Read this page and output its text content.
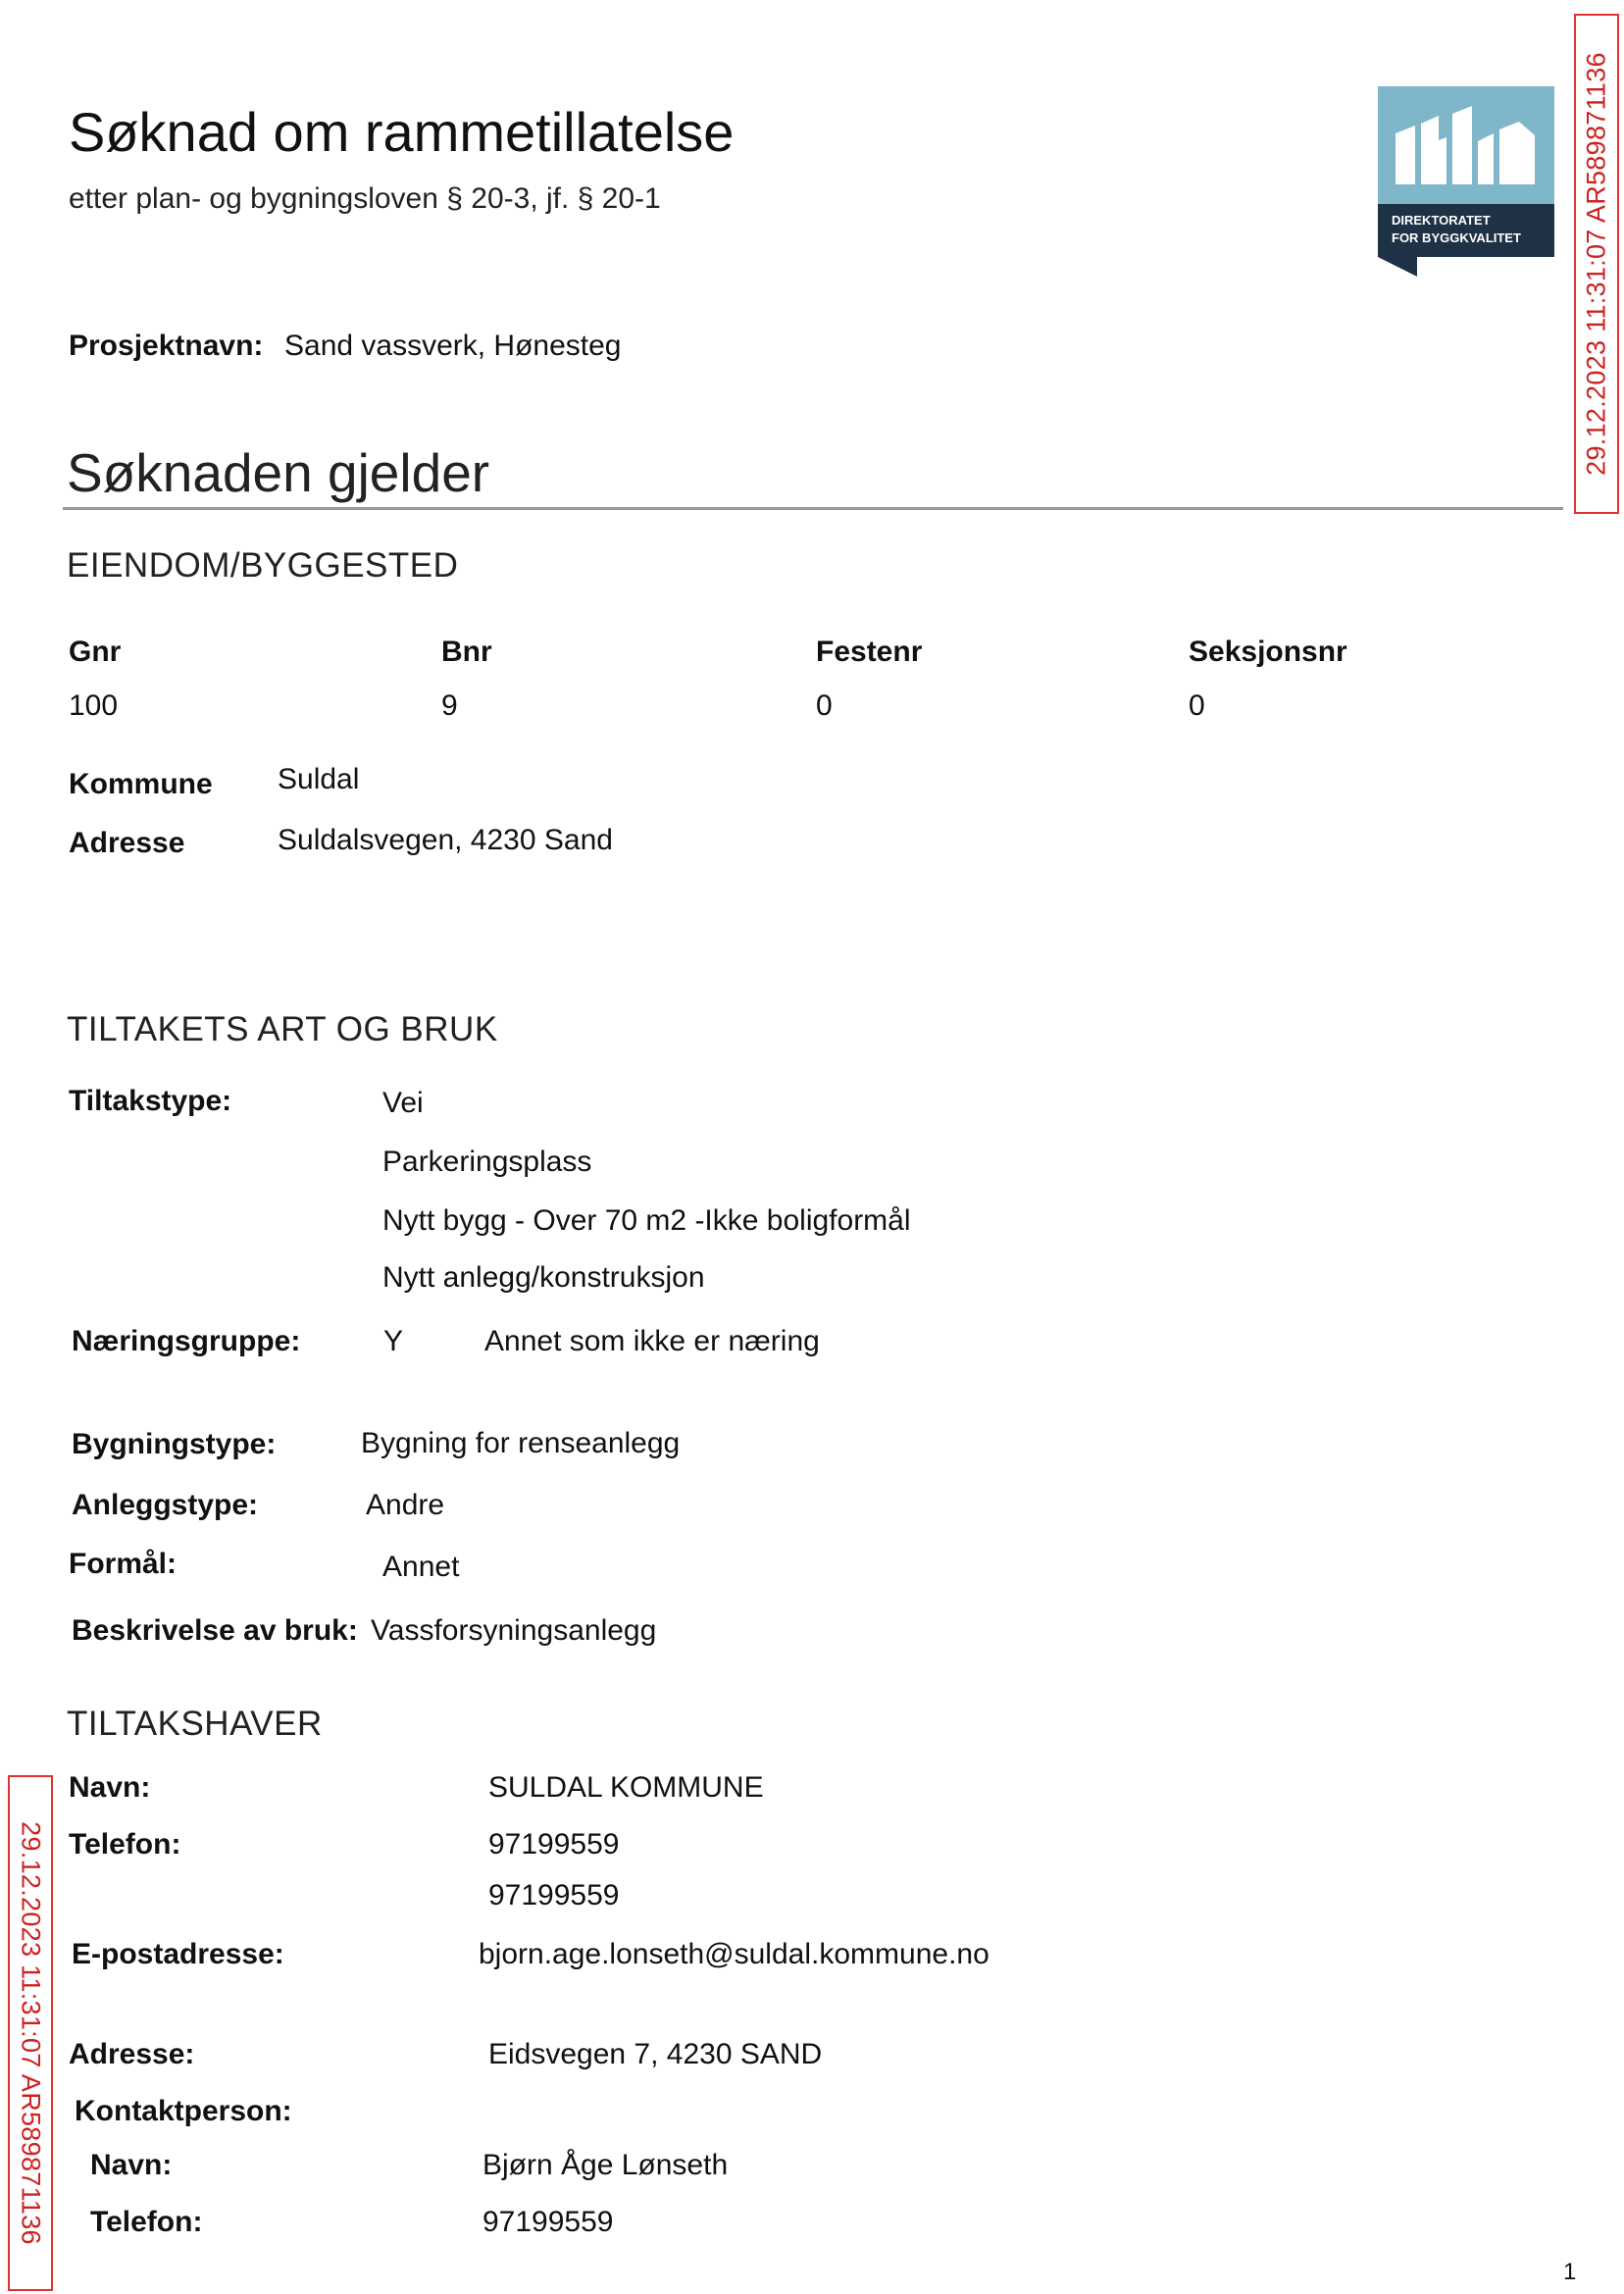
Søknad om rammetillatelse
etter plan- og bygningsloven § 20-3, jf. § 20-1
DIREKTORATET
FOR BYGGKVALITET 29.12.2023 11:31:07 AR589871136
29.12.2023 11:31:07 AR589871136
Prosjektnavn: Sand vassverk, Hønesteg
Søknaden gjelder
EIENDOM/BYGGESTED
Gnr	Bnr	Festenr	Seksjonsnr
100	9	0	0
Kommune Suldal
Adresse	Suldalsvegen, 4230 Sand
TILTAKETS ART OG BRUK
Tiltakstype:	Vei
Parkeringsplass
Nytt bygg - Over 70 m2 -Ikke boligformål
Nytt anlegg/konstruksjon
Næringsgruppe:	Y	Annet som ikke er næring
Bygningstype:	Bygning for renseanlegg
Anleggstype:	Andre
Formål:	Annet
Beskrivelse av bruk: Vassforsyningsanlegg
TILTAKSHAVER
Navn:	SULDAL KOMMUNE
Telefon:	97199559
97199559
E-postadresse:	bjorn.age.lonseth@suldal.kommune.no
Adresse:	Eidsvegen 7, 4230 SAND
Kontaktperson:
Navn:	Bjørn Åge Lønseth
Telefon:	97199559
1
